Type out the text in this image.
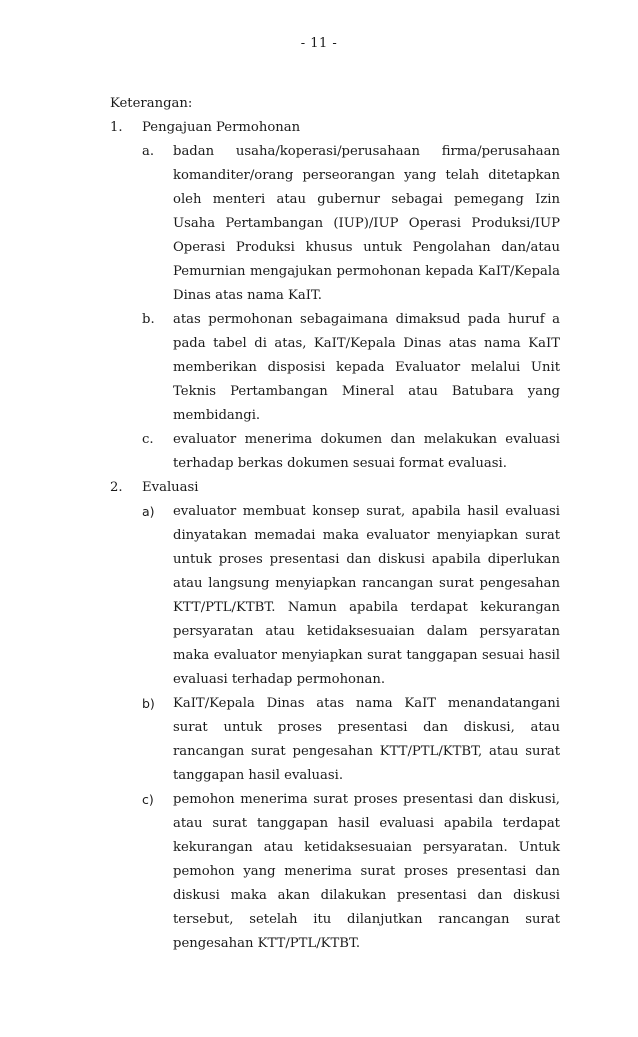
- 11 -

Keterangan:

1. Pengajuan Permohonan
a. badan usaha/koperasi/perusahaan firma/perusahaan komanditer/orang perseorangan yang telah ditetapkan oleh menteri atau gubernur sebagai pemegang Izin Usaha Pertambangan (IUP)/IUP Operasi Produksi/IUP Operasi Produksi khusus untuk Pengolahan dan/atau Pemurnian mengajukan permohonan kepada KaIT/Kepala Dinas atas nama KaIT.
b. atas permohonan sebagaimana dimaksud pada huruf a pada tabel di atas, KaIT/Kepala Dinas atas nama KaIT memberikan disposisi kepada Evaluator melalui Unit Teknis Pertambangan Mineral atau Batubara yang membidangi.
c. evaluator menerima dokumen dan melakukan evaluasi terhadap berkas dokumen sesuai format evaluasi.
2. Evaluasi
a) evaluator membuat konsep surat, apabila hasil evaluasi dinyatakan memadai maka evaluator menyiapkan surat untuk proses presentasi dan diskusi apabila diperlukan atau langsung menyiapkan rancangan surat pengesahan KTT/PTL/KTBT. Namun apabila terdapat kekurangan persyaratan atau ketidaksesuaian dalam persyaratan maka evaluator menyiapkan surat tanggapan sesuai hasil evaluasi terhadap permohonan.
b) KaIT/Kepala Dinas atas nama KaIT menandatangani surat untuk proses presentasi dan diskusi, atau rancangan surat pengesahan KTT/PTL/KTBT, atau surat tanggapan hasil evaluasi.
c) pemohon menerima surat proses presentasi dan diskusi, atau surat tanggapan hasil evaluasi apabila terdapat kekurangan atau ketidaksesuaian persyaratan. Untuk pemohon yang menerima surat proses presentasi dan diskusi maka akan dilakukan presentasi dan diskusi tersebut, setelah itu dilanjutkan rancangan surat pengesahan KTT/PTL/KTBT.
